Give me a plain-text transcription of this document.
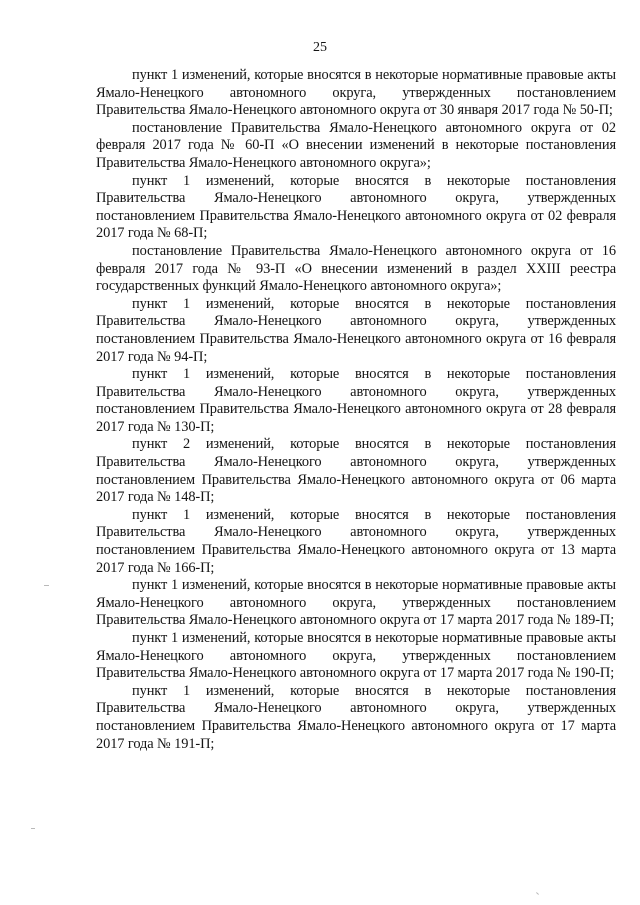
25

пункт 1 изменений, которые вносятся в некоторые нормативные правовые акты Ямало-Ненецкого автономного округа, утвержденных постановлением Правительства Ямало-Ненецкого автономного округа от 30 января 2017 года № 50-П;

постановление Правительства Ямало-Ненецкого автономного округа от 02 февраля 2017 года № 60-П «О внесении изменений в некоторые постановления Правительства Ямало-Ненецкого автономного округа»;

пункт 1 изменений, которые вносятся в некоторые постановления Правительства Ямало-Ненецкого автономного округа, утвержденных постановлением Правительства Ямало-Ненецкого автономного округа от 02 февраля 2017 года № 68-П;

постановление Правительства Ямало-Ненецкого автономного округа от 16 февраля 2017 года № 93-П «О внесении изменений в раздел XXIII реестра государственных функций Ямало-Ненецкого автономного округа»;

пункт 1 изменений, которые вносятся в некоторые постановления Правительства Ямало-Ненецкого автономного округа, утвержденных постановлением Правительства Ямало-Ненецкого автономного округа от 16 февраля 2017 года № 94-П;

пункт 1 изменений, которые вносятся в некоторые постановления Правительства Ямало-Ненецкого автономного округа, утвержденных постановлением Правительства Ямало-Ненецкого автономного округа от 28 февраля 2017 года № 130-П;

пункт 2 изменений, которые вносятся в некоторые постановления Правительства Ямало-Ненецкого автономного округа, утвержденных постановлением Правительства Ямало-Ненецкого автономного округа от 06 марта 2017 года № 148-П;

пункт 1 изменений, которые вносятся в некоторые постановления Правительства Ямало-Ненецкого автономного округа, утвержденных постановлением Правительства Ямало-Ненецкого автономного округа от 13 марта 2017 года № 166-П;

пункт 1 изменений, которые вносятся в некоторые нормативные правовые акты Ямало-Ненецкого автономного округа, утвержденных постановлением Правительства Ямало-Ненецкого автономного округа от 17 марта 2017 года № 189-П;

пункт 1 изменений, которые вносятся в некоторые нормативные правовые акты Ямало-Ненецкого автономного округа, утвержденных постановлением Правительства Ямало-Ненецкого автономного округа от 17 марта 2017 года № 190-П;

пункт 1 изменений, которые вносятся в некоторые постановления Правительства Ямало-Ненецкого автономного округа, утвержденных постановлением Правительства Ямало-Ненецкого автономного округа от 17 марта 2017 года № 191-П;
